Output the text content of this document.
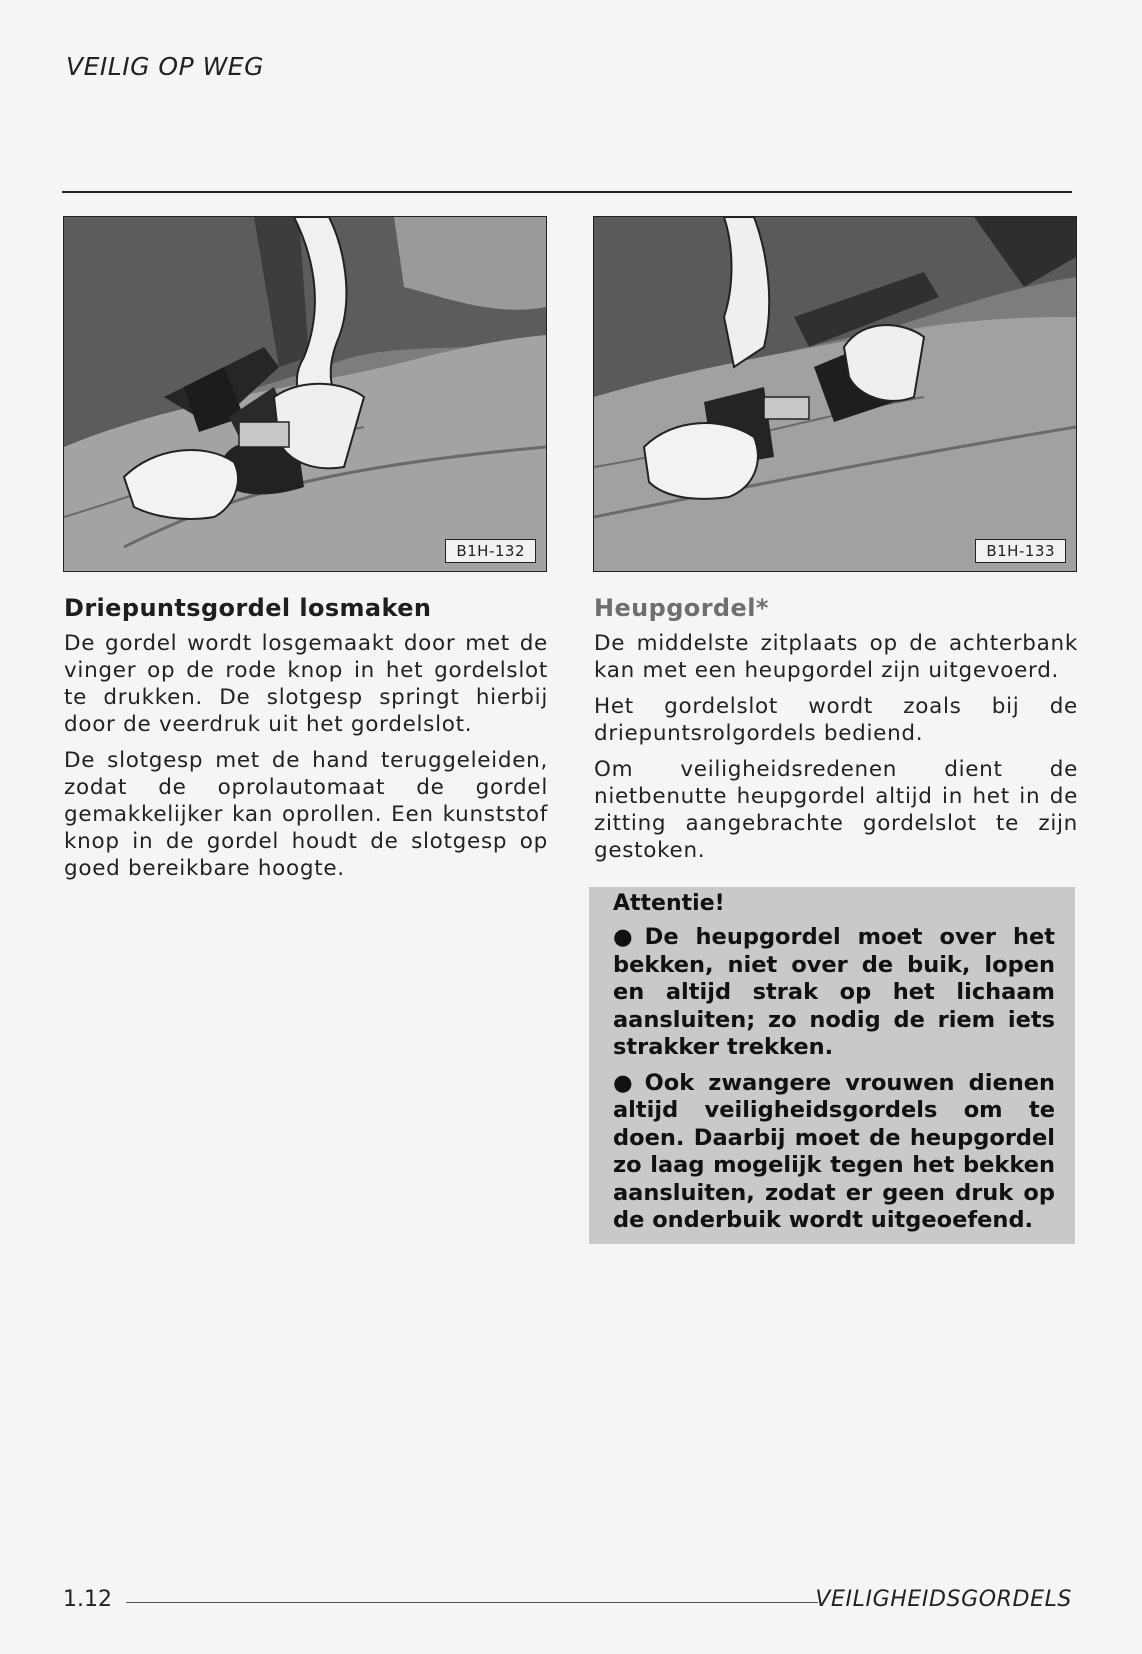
VEILIG OP WEG
B1H-132	B1H-133
Driepuntsgordel losmaken

De gordel wordt losgemaakt door met de vinger op de rode knop in het gordelslot te drukken. De slotgesp springt hierbij door de veerdruk uit het gordelslot.

De slotgesp met de hand teruggeleiden, zodat de oprolautomaat de gordel gemakkelijker kan oprollen. Een kunststof knop in de gordel houdt de slotgesp op goed bereikbare hoogte.

Heupgordel*

De middelste zitplaats op de achterbank kan met een heupgordel zijn uitgevoerd.

Het gordelslot wordt zoals bij de driepuntsrolgordels bediend.

Om veiligheidsredenen dient de nietbenutte heupgordel altijd in het in de zitting aangebrachte gordelslot te zijn gestoken.

Attentie!
● De heupgordel moet over het bekken, niet over de buik, lopen en altijd strak op het lichaam aansluiten; zo nodig de riem iets strakker trekken.
● Ook zwangere vrouwen dienen altijd veiligheidsgordels om te doen. Daarbij moet de heupgordel zo laag mogelijk tegen het bekken aansluiten, zodat er geen druk op de onderbuik wordt uitgeoefend.
1.12	VEILIGHEIDSGORDELS
